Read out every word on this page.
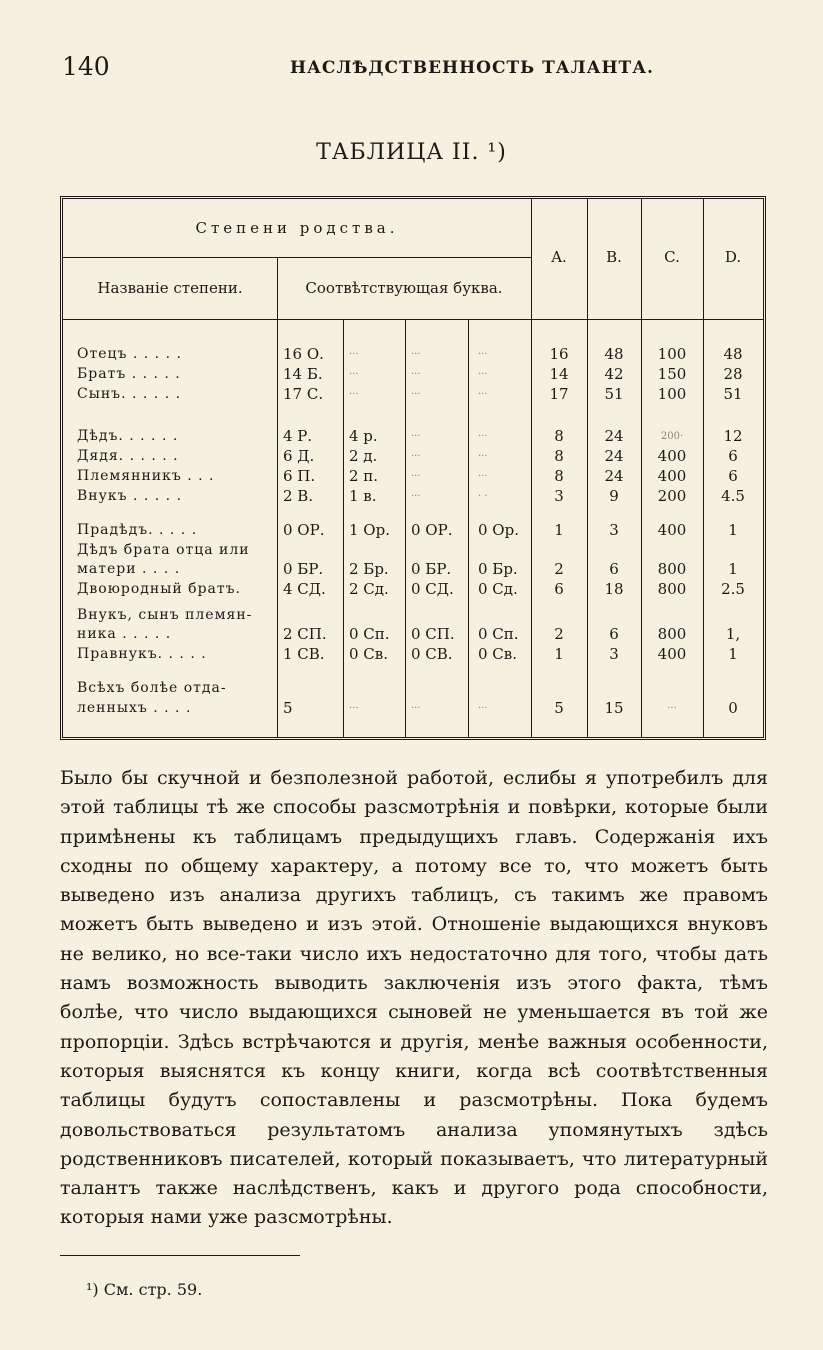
140	НАСЛѢДСТВЕННОСТЬ ТАЛАНТА.
ТАБЛИЦА II. ¹)
Степени родства.
Названіе степени.	Соотвѣтствующая буква.
A.	B.	C.	D.
Отецъ . . . . .	16 О.	···	···	···	16	48	100	48
Братъ . . . . .	14 Б.	···	···	···	14	42	150	28
Сынъ. . . . . .	17 С.	···	···	···	17	51	100	51
Дѣдъ. . . . . .	4 Р.	4 р.	···	···	8	24	200·	12
Дядя. . . . . .	6 Д.	2 д.	···	···	8	24	400	6
Племянникъ . . .	6 П.	2 п.	···	···	8	24	400	6
Внукъ . . . . .	2 В.	1 в.	···	· ·	3	9	200	4.5
Прадѣдъ. . . . .	0 ОР.	1 Ор.	0 ОР.	0 Ор.	1	3	400	1
Дѣдъ брата отца или
матери . . . .	0 БР.	2 Бр.	0 БР.	0 Бр.	2	6	800	1
Двоюродный братъ.	4 СД.	2 Сд.	0 СД.	0 Сд.	6	18	800	2.5
Внукъ, сынъ племян-
ника . . . . .	2 СП.	0 Сп.	0 СП.	0 Сп.	2	6	800	1,
Правнукъ. . . . .	1 СВ.	0 Св.	0 СВ.	0 Св.	1	3	400	1
Всѣхъ болѣе отда-
ленныхъ . . . .	5	···	···	···	5	15	···	0
Было бы скучной и безполезной работой, еслибы я употребилъ для этой таблицы тѣ же способы разсмотрѣнія и повѣрки, которые были примѣнены къ таблицамъ предыдущихъ главъ. Содержанія ихъ сходны по общему характеру, а потому все то, что можетъ быть выведено изъ анализа другихъ таблицъ, съ такимъ же правомъ можетъ быть выведено и изъ этой. Отношеніе выдающихся внуковъ не велико, но все-таки число ихъ недостаточно для того, чтобы дать намъ возможность выводить заключенія изъ этого факта, тѣмъ болѣе, что число выдающихся сыновей не уменьшается въ той же пропорціи. Здѣсь встрѣчаются и другія, менѣе важныя особенности, которыя выяснятся къ концу книги, когда всѣ соотвѣтственныя таблицы будутъ сопоставлены и разсмотрѣны. Пока будемъ довольствоваться результатомъ анализа упомянутыхъ здѣсь родственниковъ писателей, который показываетъ, что литературный талантъ также наслѣдственъ, какъ и другого рода способности, которыя нами уже разсмотрѣны.
¹) См. стр. 59.
